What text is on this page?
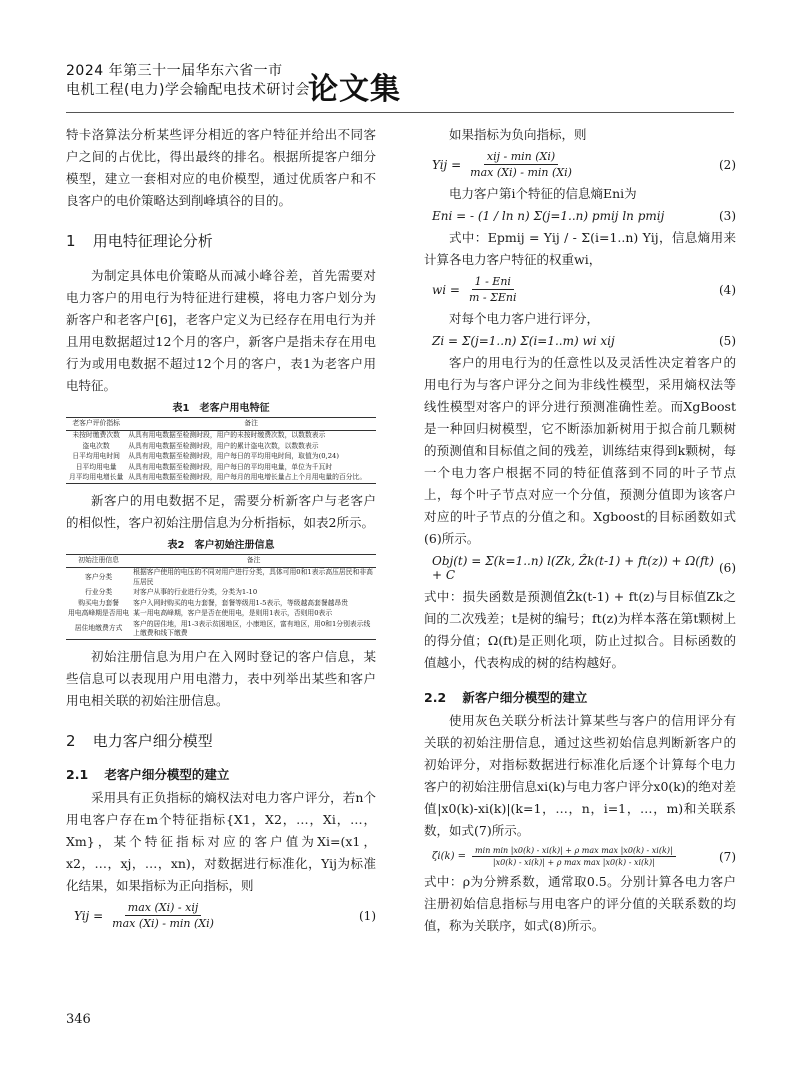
2024 年第三十一届华东六省一市
电机工程(电力)学会输配电技术研讨会
论文集

特卡洛算法分析某些评分相近的客户特征并给出不同客户之间的占优比，得出最终的排名。根据所提客户细分模型，建立一套相对应的电价模型，通过优质客户和不良客户的电价策略达到削峰填谷的目的。

1 用电特征理论分析

为制定具体电价策略从而减小峰谷差，首先需要对电力客户的用电行为特征进行建模，将电力客户划分为新客户和老客户[6]，老客户定义为已经存在用电行为并且用电数据超过12个月的客户，新客户是指未存在用电行为或用电数据不超过12个月的客户，表1为老客户用电特征。

表1　老客户用电特征
老客户评价指标	备注
未按时缴费次数	从具有用电数据至检测时段，用户的未按时缴费次数，以数数表示
盗电次数	从具有用电数据至检测时段，用户的累计盗电次数，以数数表示
日平均用电时间	从具有用电数据至检测时段，用户每日的平均用电时间，取值为(0,24)
日平均用电量	从具有用电数据至检测时段，用户每日的平均用电量，单位为千瓦时
月平均用电增长量	从具有用电数据至检测时段，用户每月的用电增长量占上个月用电量的百分比。

新客户的用电数据不足，需要分析新客户与老客户的相似性，客户初始注册信息为分析指标，如表2所示。

表2　客户初始注册信息
初始注册信息	备注
客户分类	根据客户使用的电压的不同对用户进行分类，具体可用0和1表示高压居民和非高压居民
行业分类	对客户从事的行业进行分类，分类为1-10
购买电力套餐	客户入网时购买的电力套餐，套餐等级用1-5表示，等级越高套餐越昂贵
用电高峰期是否用电	某一用电高峰期，客户是否在使用电，是则用1表示，否则用0表示
居住地缴费方式	客户的居住地，用1-3表示贫困地区，小康地区，富有地区，用0和1分别表示线上缴费和线下缴费

初始注册信息为用户在入网时登记的客户信息，某些信息可以表现用户用电潜力，表中列举出某些和客户用电相关联的初始注册信息。

2 电力客户细分模型
2.1 老客户细分模型的建立

采用具有正负指标的熵权法对电力客户评分，若n个用电客户存在m个特征指标{X1，X2，…，Xi，…，Xm}，某个特征指标对应的客户值为Xi=(x1，x2，…，xj，…，xn)，对数据进行标准化，Yij为标准化结果，如果指标为正向指标，则

Yij = $\frac{\text{max (Xi) - xij}}{\max (Xi) - \min (Xi)}$	(1)

如果指标为负向指标，则

Yij = $\frac{\text{xij - min (Xi)}}{\max (Xi) - \min (Xi)}$	(2)

电力客户第i个特征的信息熵Eni为

Eni = - (1 / ln n) Σ(j=1..n) pmij ln pmij	(3)

式中：Epmij = Yij / - Σ(i=1..n) Yij，信息熵用来计算各电力客户特征的权重wi，

wi = $\frac{\text{1 - Eni}}{\text{m - ΣEni}}$	(4)

对每个电力客户进行评分，

Zi = Σ(j=1..n) Σ(i=1..m) wi xij	(5)

客户的用电行为的任意性以及灵活性决定着客户的用电行为与客户评分之间为非线性模型，采用熵权法等线性模型对客户的评分进行预测准确性差。而XgBoost是一种回归树模型，它不断添加新树用于拟合前几颗树的预测值和目标值之间的残差，训练结束得到k颗树，每一个电力客户根据不同的特征值落到不同的叶子节点上，每个叶子节点对应一个分值，预测分值即为该客户对应的叶子节点的分值之和。Xgboost的目标函数如式(6)所示。

Obj(t) = Σ(k=1..n) l(Zk, Ẑk(t-1) + ft(z)) + Ω(ft) + C	(6)

式中：损失函数是预测值Ẑk(t-1) + ft(z)与目标值Zk之间的二次残差；t是树的编号；ft(z)为样本落在第t颗树上的得分值；Ω(ft)是正则化项，防止过拟合。目标函数的值越小，代表构成的树的结构越好。

2.2 新客户细分模型的建立

使用灰色关联分析法计算某些与客户的信用评分有关联的初始注册信息，通过这些初始信息判断新客户的初始评分，对指标数据进行标准化后逐个计算每个电力客户的初始注册信息xi(k)与电力客户评分x0(k)的绝对差值|x0(k)-xi(k)|(k=1，…，n，i=1，…，m)和关联系数，如式(7)所示。

$\zeta i(k) = \frac{\text{min min |x0(k) - xi(k)| + ρ max max |x0(k) - xi(k)|}}{\text{|x0(k) - xi(k)| + ρ max max |x0(k) - xi(k)|}}$	(7)

式中：ρ为分辨系数，通常取0.5。分别计算各电力客户注册初始信息指标与用电客户的评分值的关联系数的均值，称为关联序，如式(8)所示。

346
